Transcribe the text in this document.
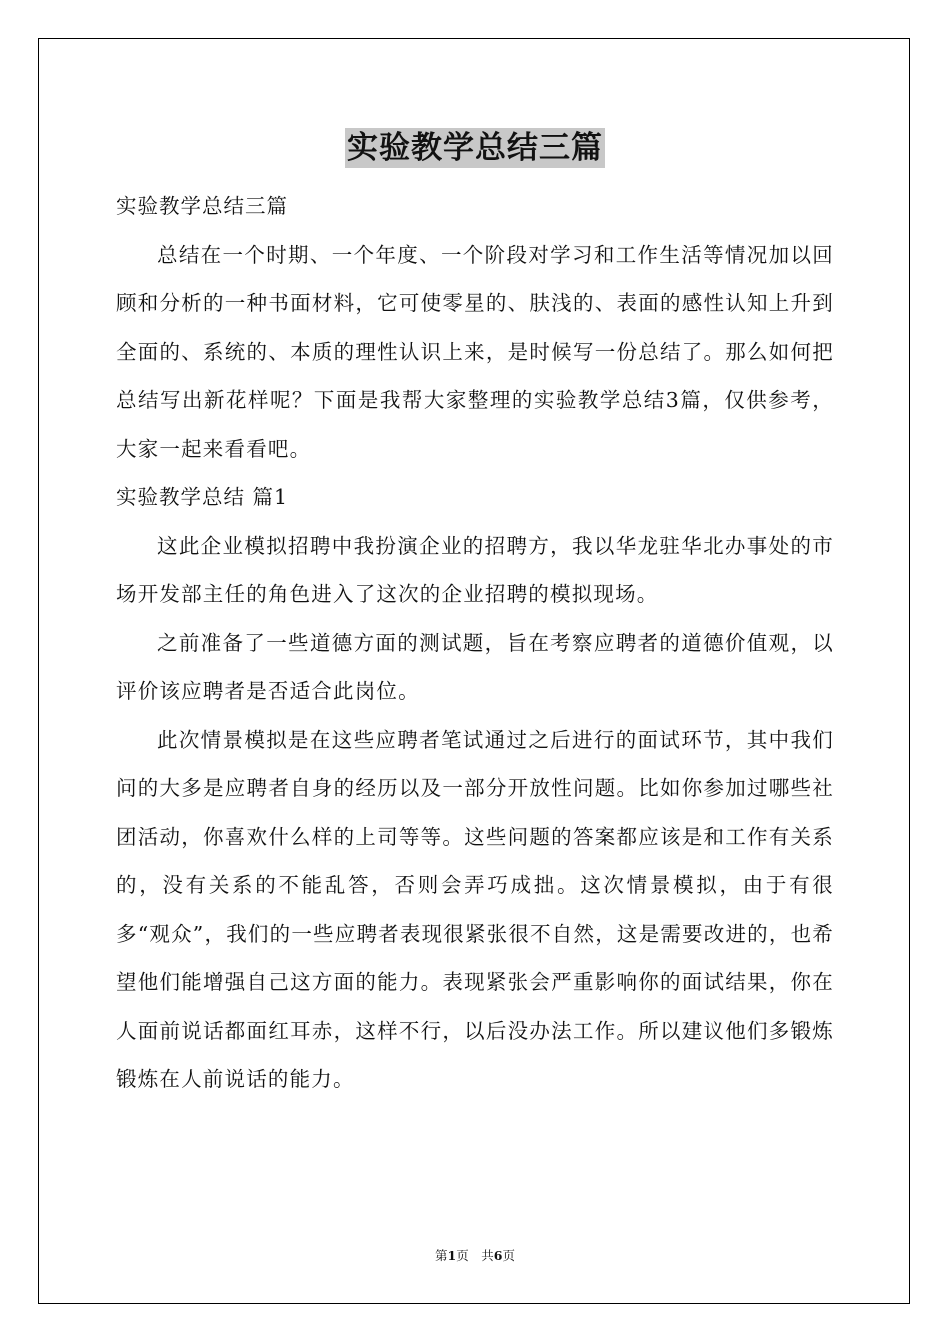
实验教学总结三篇

实验教学总结三篇

总结在一个时期、一个年度、一个阶段对学习和工作生活等情况加以回顾和分析的一种书面材料，它可使零星的、肤浅的、表面的感性认知上升到全面的、系统的、本质的理性认识上来，是时候写一份总结了。那么如何把总结写出新花样呢？下面是我帮大家整理的实验教学总结3篇，仅供参考，大家一起来看看吧。

实验教学总结 篇1

这此企业模拟招聘中我扮演企业的招聘方，我以华龙驻华北办事处的市场开发部主任的角色进入了这次的企业招聘的模拟现场。

之前准备了一些道德方面的测试题，旨在考察应聘者的道德价值观，以评价该应聘者是否适合此岗位。

此次情景模拟是在这些应聘者笔试通过之后进行的面试环节，其中我们问的大多是应聘者自身的经历以及一部分开放性问题。比如你参加过哪些社团活动，你喜欢什么样的上司等等。这些问题的答案都应该是和工作有关系的，没有关系的不能乱答，否则会弄巧成拙。这次情景模拟，由于有很多“观众”，我们的一些应聘者表现很紧张很不自然，这是需要改进的，也希望他们能增强自己这方面的能力。表现紧张会严重影响你的面试结果，你在人面前说话都面红耳赤，这样不行，以后没办法工作。所以建议他们多锻炼锻炼在人前说话的能力。

第1页　共6页
